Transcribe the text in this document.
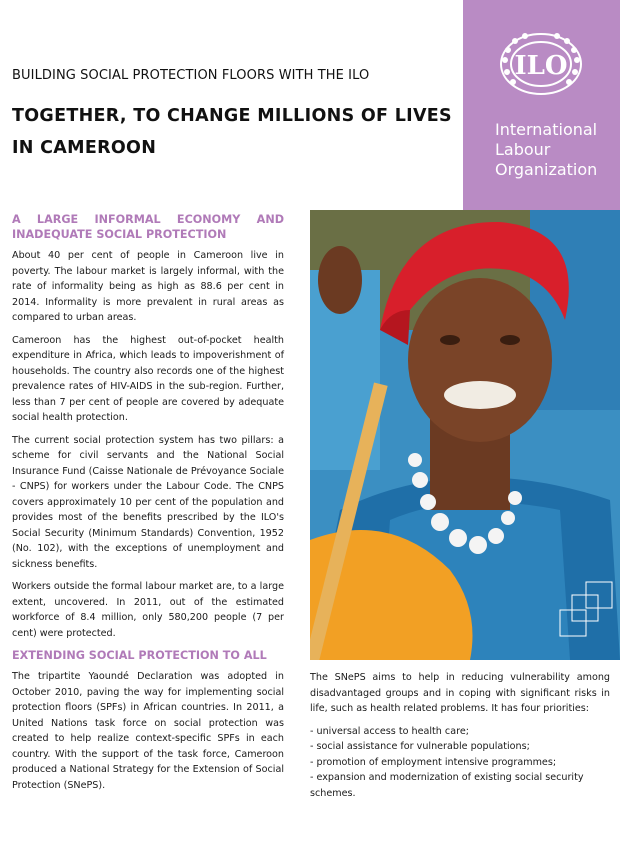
ILO
International
Labour
Organization
BUILDING SOCIAL PROTECTION FLOORS WITH THE ILO
TOGETHER, TO CHANGE MILLIONS OF LIVES IN CAMEROON
A LARGE INFORMAL ECONOMY AND INADEQUATE SOCIAL PROTECTION

About 40 per cent of people in Cameroon live in poverty. The labour market is largely informal, with the rate of informality being as high as 88.6 per cent in 2014. Informality is more prevalent in rural areas as compared to urban areas.

Cameroon has the highest out-of-pocket health expenditure in Africa, which leads to impoverishment of households. The country also records one of the highest prevalence rates of HIV-AIDS in the sub-region. Further, less than 7 per cent of people are covered by adequate social health protection.

The current social protection system has two pillars: a scheme for civil servants and the National Social Insurance Fund (Caisse Nationale de Prévoyance Sociale - CNPS) for workers under the Labour Code. The CNPS covers approximately 10 per cent of the population and provides most of the benefits prescribed by the ILO's Social Security (Minimum Standards) Convention, 1952 (No. 102), with the exceptions of unemployment and sickness benefits.

Workers outside the formal labour market are, to a large extent, uncovered. In 2011, out of the estimated workforce of 8.4 million, only 580,200 people (7 per cent) were protected.

EXTENDING SOCIAL PROTECTION TO ALL

The tripartite Yaoundé Declaration was adopted in October 2010, paving the way for implementing social protection floors (SPFs) in African countries. In 2011, a United Nations task force on social protection was created to help realize context-specific SPFs in each country. With the support of the task force, Cameroon produced a National Strategy for the Extension of Social Protection (SNePS).

The SNePS aims to help in reducing vulnerability among disadvantaged groups and in coping with significant risks in life, such as health related problems. It has four priorities:

- universal access to health care;

- social assistance for vulnerable populations;

- promotion of employment intensive programmes;

- expansion and modernization of existing social security schemes.
